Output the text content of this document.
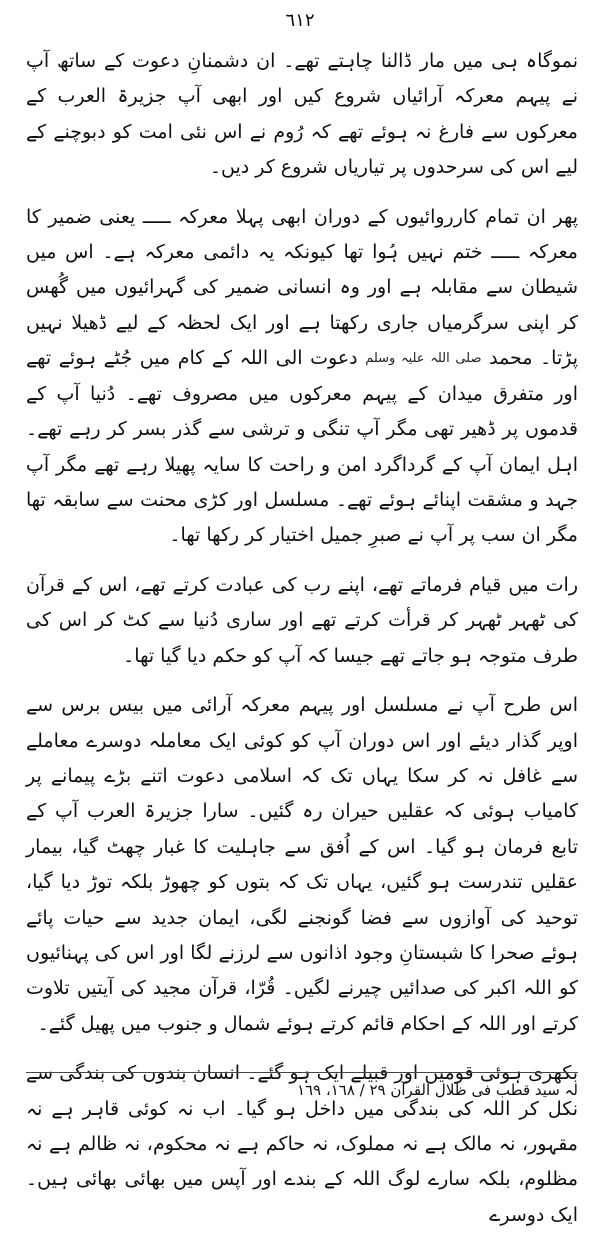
٦١٢

نموگاہ ہی میں مار ڈالنا چاہتے تھے۔ ان دشمنانِ دعوت کے ساتھ آپ نے پیہم معرکہ آرائیاں شروع کیں اور ابھی آپ جزیرۃ العرب کے معرکوں سے فارغ نہ ہوئے تھے کہ رُوم نے اس نئی امت کو دبوچنے کے لیے اس کی سرحدوں پر تیاریاں شروع کر دیں۔

پھر ان تمام کارروائیوں کے دوران ابھی پہلا معرکہ ـــــ یعنی ضمیر کا معرکہ ـــــ ختم نہیں ہُوا تھا کیونکہ یہ دائمی معرکہ ہے۔ اس میں شیطان سے مقابلہ ہے اور وہ انسانی ضمیر کی گہرائیوں میں گُھس کر اپنی سرگرمیاں جاری رکھتا ہے اور ایک لحظہ کے لیے ڈھیلا نہیں پڑتا۔ محمد صلی اللہ علیہ وسلم دعوت الی اللہ کے کام میں جُٹے ہوئے تھے اور متفرق میدان کے پیہم معرکوں میں مصروف تھے۔ دُنیا آپ کے قدموں پر ڈھیر تھی مگر آپ تنگی و ترشی سے گذر بسر کر رہے تھے۔ اہل ایمان آپ کے گرداگرد امن و راحت کا سایہ پھیلا رہے تھے مگر آپ جہد و مشقت اپنائے ہوئے تھے۔ مسلسل اور کڑی محنت سے سابقہ تھا مگر ان سب پر آپ نے صبرِ جمیل اختیار کر رکھا تھا۔

رات میں قیام فرماتے تھے، اپنے رب کی عبادت کرتے تھے، اس کے قرآن کی ٹھہر ٹھہر کر قرأت کرتے تھے اور ساری دُنیا سے کٹ کر اس کی طرف متوجہ ہو جاتے تھے جیسا کہ آپ کو حکم دیا گیا تھا۔

اس طرح آپ نے مسلسل اور پیہم معرکہ آرائی میں بیس برس سے اوپر گذار دیئے اور اس دوران آپ کو کوئی ایک معاملہ دوسرے معاملے سے غافل نہ کر سکا یہاں تک کہ اسلامی دعوت اتنے بڑے پیمانے پر کامیاب ہوئی کہ عقلیں حیران رہ گئیں۔ سارا جزیرۃ العرب آپ کے تابع فرمان ہو گیا۔ اس کے اُفق سے جاہلیت کا غبار چھٹ گیا، بیمار عقلیں تندرست ہو گئیں، یہاں تک کہ بتوں کو چھوڑ بلکہ توڑ دیا گیا، توحید کی آوازوں سے فضا گونجنے لگی، ایمان جدید سے حیات پائے ہوئے صحرا کا شبستانِ وجود اذانوں سے لرزنے لگا اور اس کی پہنائیوں کو اللہ اکبر کی صدائیں چیرنے لگیں۔ قُرّا، قرآن مجید کی آیتیں تلاوت کرتے اور اللہ کے احکام قائم کرتے ہوئے شمال و جنوب میں پھیل گئے۔

بکھری ہوئی قومیں اور قبیلے ایک ہو گئے۔ انسان بندوں کی بندگی سے نکل کر اللہ کی بندگی میں داخل ہو گیا۔ اب نہ کوئی قاہر ہے نہ مقہور، نہ مالک ہے نہ مملوک، نہ حاکم ہے نہ محکوم، نہ ظالم ہے نہ مظلوم، بلکہ سارے لوگ اللہ کے بندے اور آپس میں بھائی بھائی ہیں۔ ایک دوسرے

لہ سید قطب فی ظلال القرآن ٢٩ / ١٦٨، ١٦٩
